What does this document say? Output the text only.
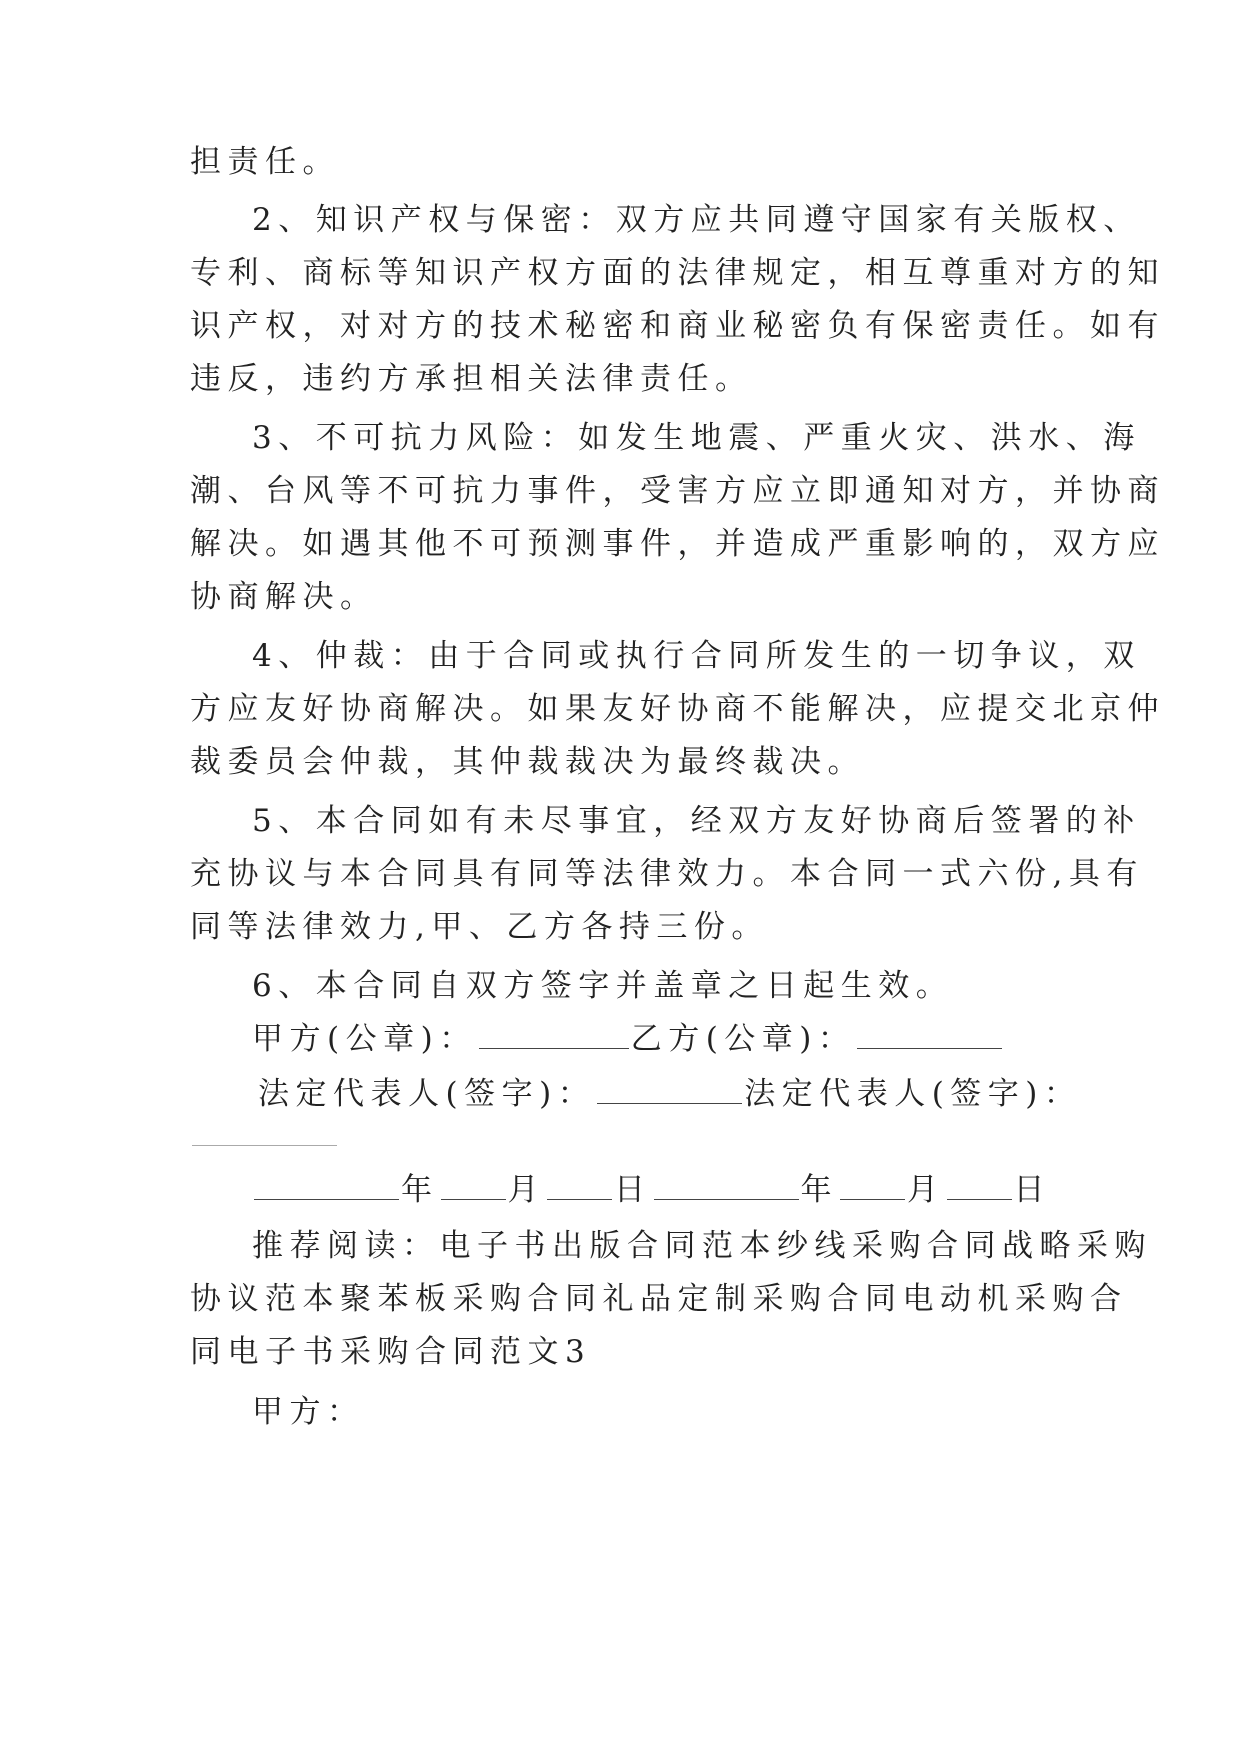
担责任。
2、知识产权与保密：双方应共同遵守国家有关版权、
专利、商标等知识产权方面的法律规定，相互尊重对方的知
识产权，对对方的技术秘密和商业秘密负有保密责任。如有
违反，违约方承担相关法律责任。
3、不可抗力风险：如发生地震、严重火灾、洪水、海
潮、台风等不可抗力事件，受害方应立即通知对方，并协商
解决。如遇其他不可预测事件，并造成严重影响的，双方应
协商解决。
4、仲裁：由于合同或执行合同所发生的一切争议，双
方应友好协商解决。如果友好协商不能解决，应提交北京仲
裁委员会仲裁，其仲裁裁决为最终裁决。
5、本合同如有未尽事宜，经双方友好协商后签署的补
充协议与本合同具有同等法律效力。本合同一式六份,具有
同等法律效力,甲、乙方各持三份。
6、本合同自双方签字并盖章之日起生效。
甲方(公章)：	乙方(公章)：
法定代表人(签字)：	法定代表人(签字)：
年 月 日	年 月 日
推荐阅读：电子书出版合同范本纱线采购合同战略采购
协议范本聚苯板采购合同礼品定制采购合同电动机采购合
同电子书采购合同范文3
甲方：
